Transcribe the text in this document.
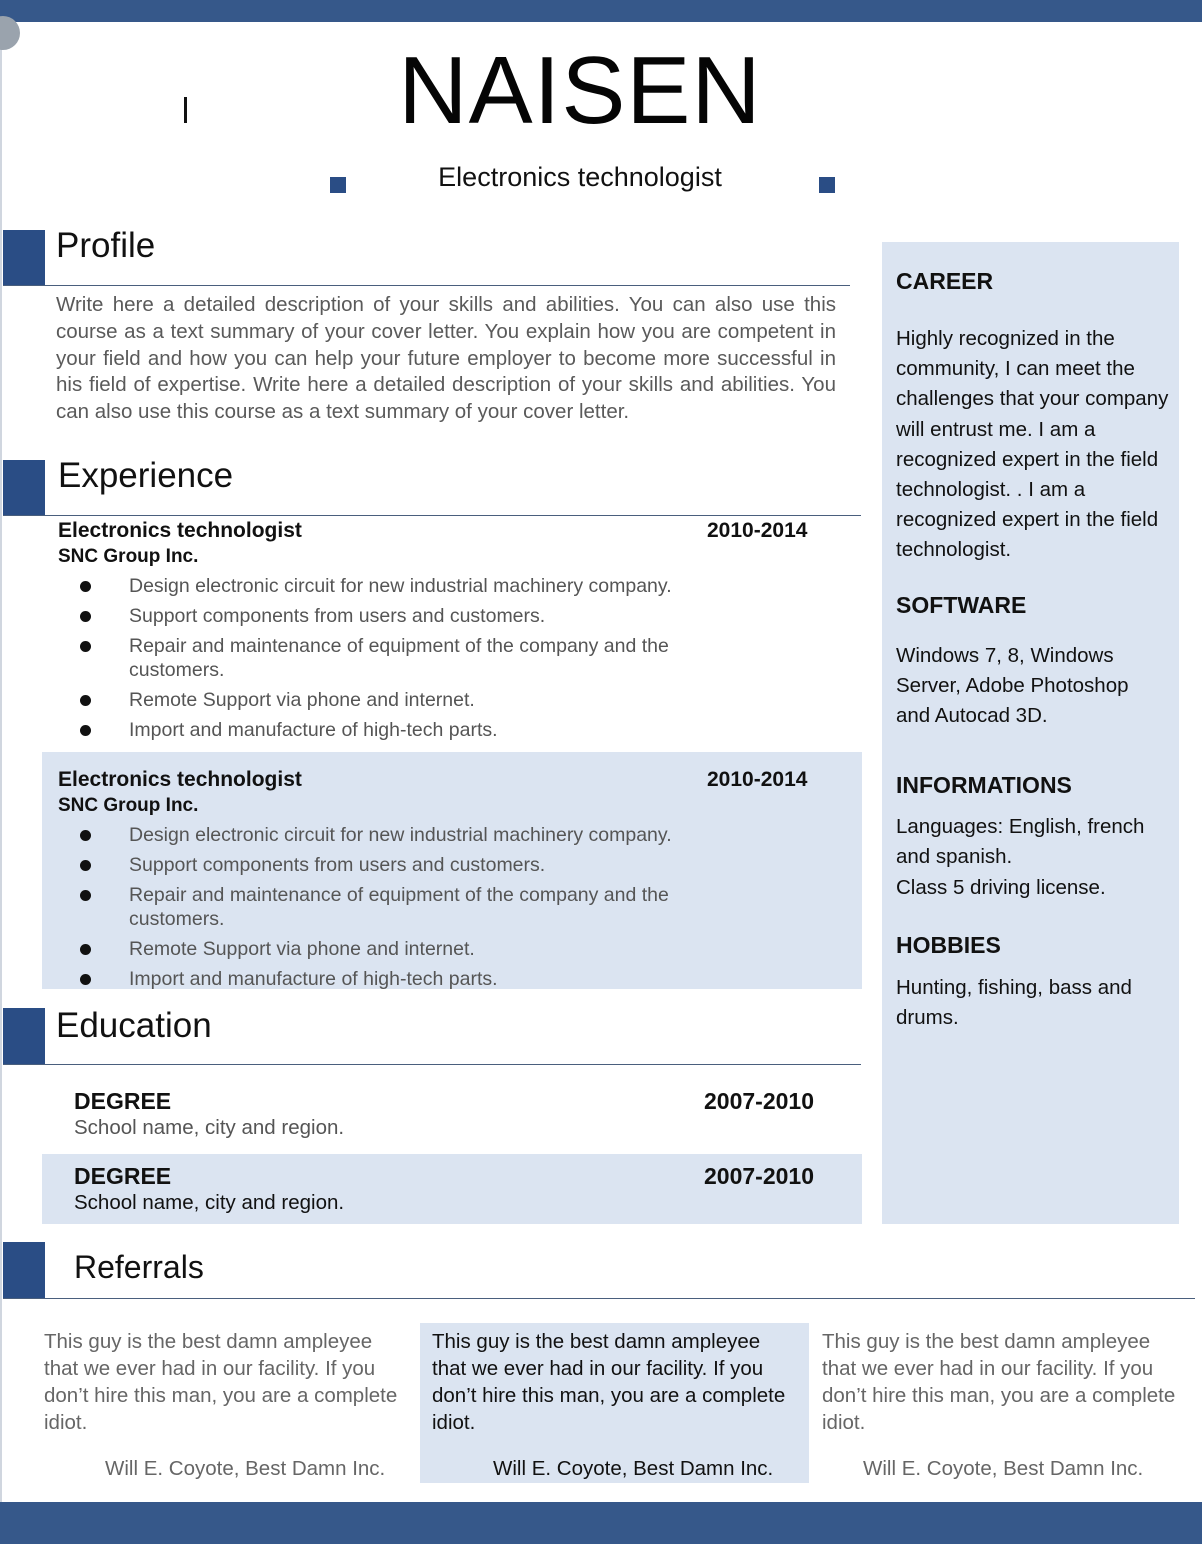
NAISEN
Electronics technologist
Profile
Write here a detailed description of your skills and abilities. You can also use this course as a text summary of your cover letter. You explain how you are competent in your field and how you can help your future employer to become more successful in his field of expertise. Write here a detailed description of your skills and abilities. You can also use this course as a text summary of your cover letter.
Experience
Electronics technologist	2010-2014
SNC Group Inc.
Design electronic circuit for new industrial machinery company.
Support components from users and customers.
Repair and maintenance of equipment of the company and the customers.
Remote Support via phone and internet.
Import and manufacture of high-tech parts.
Electronics technologist	2010-2014
SNC Group Inc.
Design electronic circuit for new industrial machinery company.
Support components from users and customers.
Repair and maintenance of equipment of the company and the customers.
Remote Support via phone and internet.
Import and manufacture of high-tech parts.
Education
DEGREE	2007-2010
School name, city and region.
DEGREE	2007-2010
School name, city and region.
CAREER
Highly recognized in the community, I can meet the challenges that your company will entrust me. I am a recognized expert in the field technologist. . I am a recognized expert in the field technologist.
SOFTWARE
Windows 7, 8, Windows Server, Adobe Photoshop and Autocad 3D.
INFORMATIONS
Languages: English, french and spanish.
Class 5 driving license.
HOBBIES
Hunting, fishing, bass and drums.
Referrals
This guy is the best damn ampleyee that we ever had in our facility. If you don’t hire this man, you are a complete idiot.
Will E. Coyote, Best Damn Inc.
This guy is the best damn ampleyee that we ever had in our facility. If you don’t hire this man, you are a complete idiot.
Will E. Coyote, Best Damn Inc.
This guy is the best damn ampleyee that we ever had in our facility. If you don’t hire this man, you are a complete idiot.
Will E. Coyote, Best Damn Inc.
